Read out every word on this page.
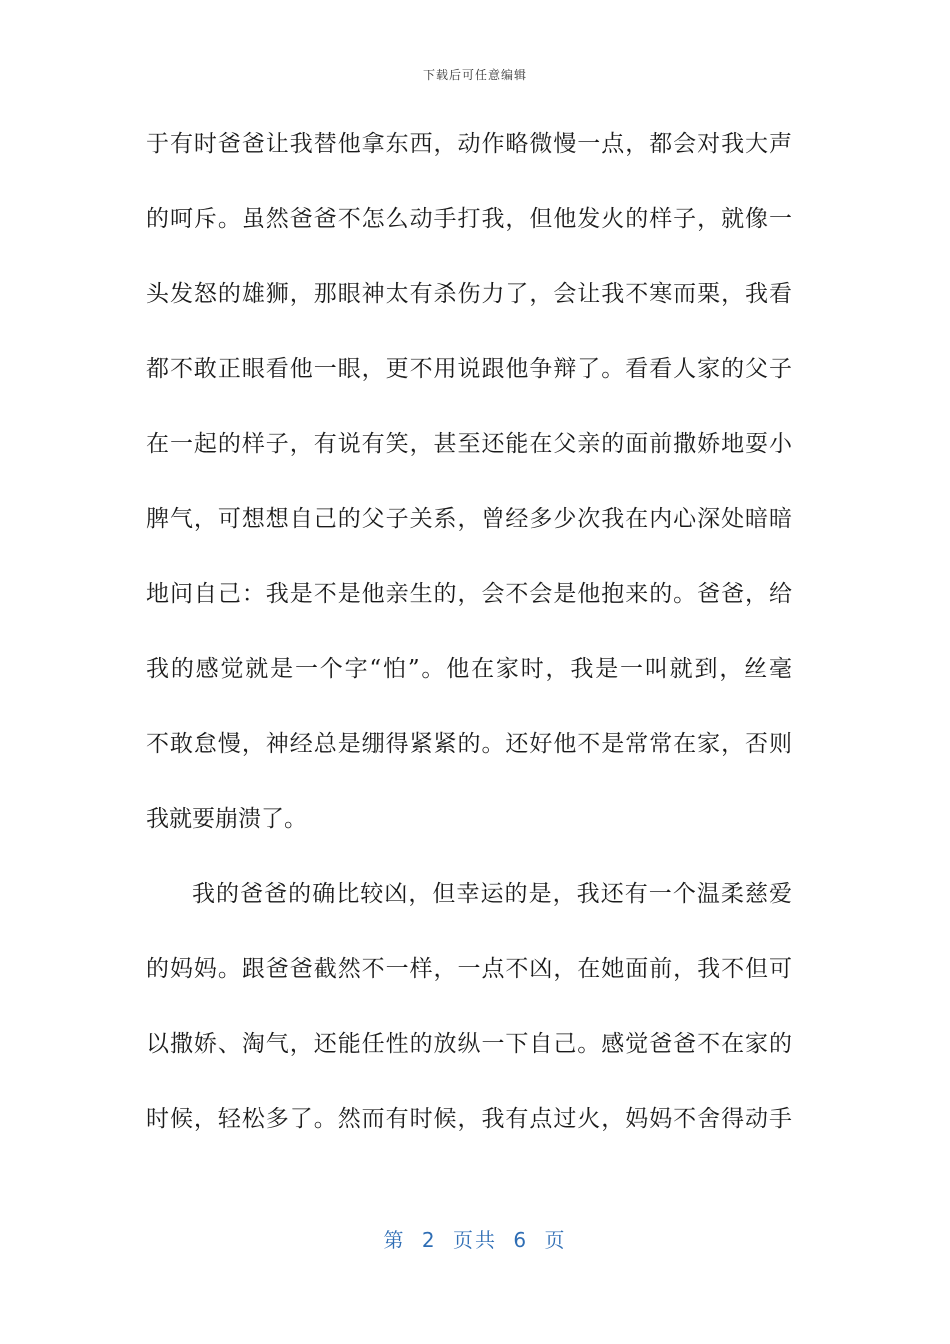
下载后可任意编辑
于有时爸爸让我替他拿东西，动作略微慢一点，都会对我大声
的呵斥。虽然爸爸不怎么动手打我，但他发火的样子，就像一
头发怒的雄狮，那眼神太有杀伤力了，会让我不寒而栗，我看
都不敢正眼看他一眼，更不用说跟他争辩了。看看人家的父子
在一起的样子，有说有笑，甚至还能在父亲的面前撒娇地耍小
脾气，可想想自己的父子关系，曾经多少次我在内心深处暗暗
地问自己：我是不是他亲生的，会不会是他抱来的。爸爸，给
我的感觉就是一个字“怕”。他在家时，我是一叫就到，丝毫
不敢怠慢，神经总是绷得紧紧的。还好他不是常常在家，否则
我就要崩溃了。
我的爸爸的确比较凶，但幸运的是，我还有一个温柔慈爱
的妈妈。跟爸爸截然不一样，一点不凶，在她面前，我不但可
以撒娇、淘气，还能任性的放纵一下自己。感觉爸爸不在家的
时候，轻松多了。然而有时候，我有点过火，妈妈不舍得动手
第 2 页共 6 页
